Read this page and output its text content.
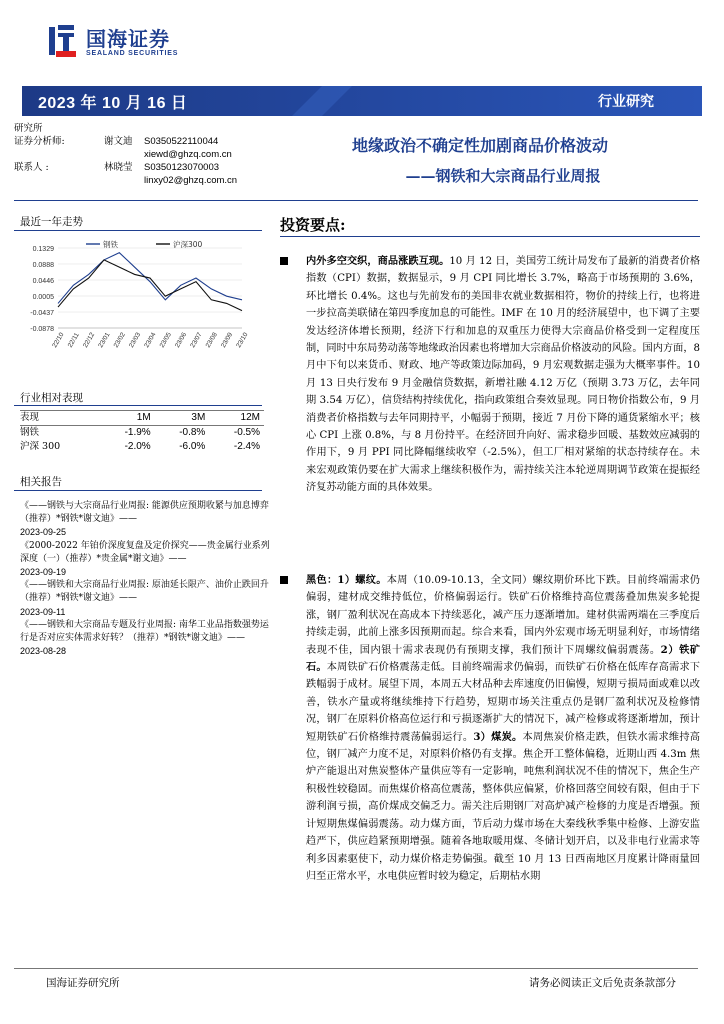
国海证券
SEALAND SECURITIES
2023 年 10 月 16 日	行业研究
研究所
证券分析师:	谢文迪	S0350522110044
xiewd@ghzq.com.cn
联系人 :	林晓莹	S0350123070003
linxy02@ghzq.com.cn
地缘政治不确定性加剧商品价格波动
——钢铁和大宗商品行业周报
最近一年走势
0.1329
0.0888
0.0446
0.0005
-0.0437
-0.0878
22/10 22/11 22/12 23/01 23/02 23/03 23/04 23/05 23/06 23/07 23/08 23/09 23/10
钢铁	沪深300
行业相对表现
表现	1M	3M	12M
钢铁	-1.9%	-0.8%	-0.5%
沪深 300	-2.0%	-6.0%	-2.4%
相关报告
《——钢铁与大宗商品行业周报: 能源供应预期收紧与加息博弈（推荐）*钢铁*谢文迪》——
2023-09-25
《2000-2022 年铂价深度复盘及定价探究——贵金属行业系列深度（一）（推荐）*贵金属*谢文迪》——
2023-09-19
《——钢铁和大宗商品行业周报: 原油延长限产、油价止跌回升（推荐）*钢铁*谢文迪》——
2023-09-11
《——钢铁和大宗商品专题及行业周报: 南华工业品指数强势运行是否对应实体需求好转？（推荐）*钢铁*谢文迪》——
2023-08-28
投资要点:
内外多空交织，商品涨跌互现。10 月 12 日，美国劳工统计局发布了最新的消费者价格指数（CPI）数据，数据显示，9 月 CPI 同比增长 3.7%，略高于市场预期的 3.6%，环比增长 0.4%。这也与先前发布的美国非农就业数据相符，物价的持续上行，也将进一步拉高美联储在第四季度加息的可能性。IMF 在 10 月的经济展望中，也下调了主要发达经济体增长预期，经济下行和加息的双重压力使得大宗商品价格受到一定程度压制，同时中东局势动荡等地缘政治因素也将增加大宗商品价格波动的风险。国内方面，8 月中下旬以来货币、财政、地产等政策边际加码，9 月宏观数据走强为大概率事件。10 月 13 日央行发布 9 月金融信贷数据，新增社融 4.12 万亿（预期 3.73 万亿，去年同期 3.54 万亿），信贷结构持续优化，指向政策组合奏效显现。同日物价指数公布，9 月消费者价格指数与去年同期持平，小幅弱于预期，接近 7 月份下降的通货紧缩水平；核心 CPI 上涨 0.8%，与 8 月份持平。在经济回升向好、需求稳步回暖、基数效应减弱的作用下，9 月 PPI 同比降幅继续收窄（-2.5%），但工厂相对紧缩的状态持续存在。未来宏观政策仍要在扩大需求上继续积极作为，需持续关注本轮逆周期调节政策在提振经济复苏动能方面的具体效果。
黑色：1）螺纹。本周（10.09-10.13，全文同）螺纹期价环比下跌。目前终端需求仍偏弱，建材成交维持低位，价格偏弱运行。铁矿石价格维持高位震荡叠加焦炭多轮提涨，钢厂盈利状况在高成本下持续恶化，减产压力逐渐增加。建材供需两端在三季度后持续走弱，此前上涨多因预期而起。综合来看，国内外宏观市场无明显利好，市场情绪表现不佳，国内银十需求表现仍有预期支撑，我们预计下周螺纹偏弱震荡。2）铁矿石。本周铁矿石价格震荡走低。目前终端需求仍偏弱，而铁矿石价格在低库存高需求下跌幅弱于成材。展望下周，本周五大材品种去库速度仍旧偏慢，短期亏损局面或难以改善，铁水产量或将继续维持下行趋势，短期市场关注重点仍是钢厂盈利状况及检修情况，钢厂在原料价格高位运行和亏损逐渐扩大的情况下，减产检修或将逐渐增加，预计短期铁矿石价格维持震荡偏弱运行。3）煤炭。本周焦炭价格走跌，但铁水需求维持高位，钢厂减产力度不足，对原料价格仍有支撑。焦企开工整体偏稳，近期山西 4.3m 焦炉产能退出对焦炭整体产量供应等有一定影响，吨焦利润状况不佳的情况下，焦企生产积极性较稳固。而焦煤价格高位震荡，整体供应偏紧，价格回落空间较有限，但由于下游利润亏损，高价煤成交偏乏力。需关注后期钢厂对高炉减产检修的力度是否增强。预计短期焦煤偏弱震荡。动力煤方面，节后动力煤市场在大秦线秋季集中检修、上游安监趋严下，供应趋紧预期增强。随着各地取暖用煤、冬储计划开启，以及非电行业需求等利多因素驱使下，动力煤价格走势偏强。截至 10 月 13 日西南地区月度累计降雨量回归至正常水平，水电供应暂时较为稳定，后期枯水期
国海证券研究所	请务必阅读正文后免责条款部分
